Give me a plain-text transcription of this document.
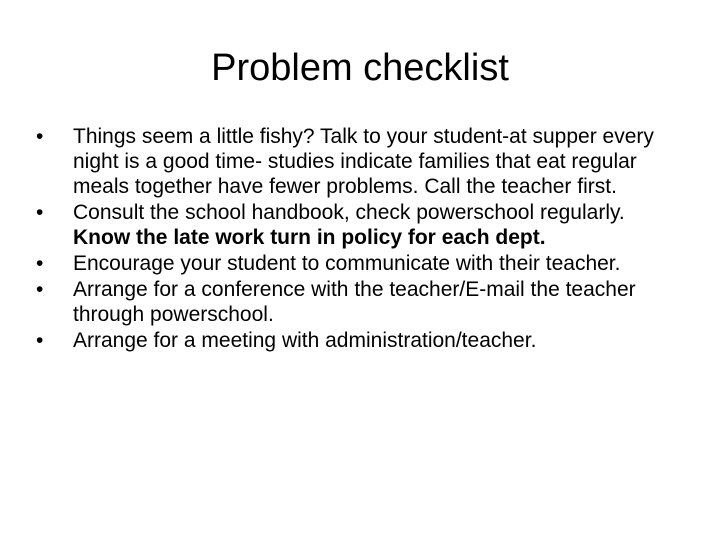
Problem checklist
•	Things seem a little fishy? Talk to your student-at supper every night is a good time- studies indicate families that eat regular meals together have fewer problems. Call the teacher first.
•	Consult the school handbook, check powerschool regularly. Know the late work turn in policy for each dept.
•	Encourage your student to communicate with their teacher.
•	Arrange for a conference with the teacher/E-mail the teacher through powerschool.
•	Arrange for a meeting with administration/teacher.
